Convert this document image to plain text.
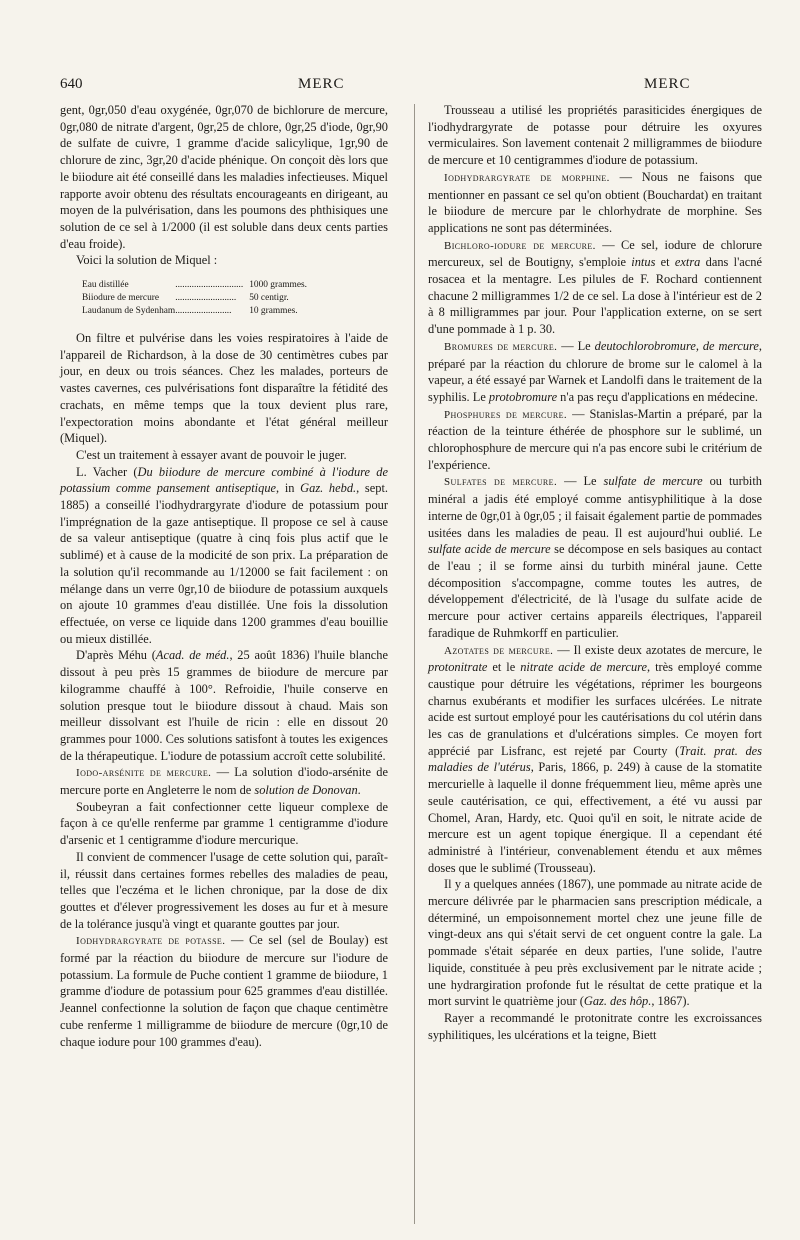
640	MERC	MERC

gent, 0gr,050 d'eau oxygénée, 0gr,070 de bichlorure de mercure, 0gr,080 de nitrate d'argent, 0gr,25 de chlore, 0gr,25 d'iode, 0gr,90 de sulfate de cuivre, 1 gramme d'acide salicylique, 1gr,90 de chlorure de zinc, 3gr,20 d'acide phénique. On conçoit dès lors que le biiodure ait été conseillé dans les maladies infectieuses. Miquel rapporte avoir obtenu des résultats encourageants en dirigeant, au moyen de la pulvérisation, dans les poumons des phthisiques une solution de ce sel à 1/2000 (il est soluble dans deux cents parties d'eau froide).

Voici la solution de Miquel :

Eau distillée	.............................	1000 grammes.
Biiodure de mercure	..........................	50 centigr.
Laudanum de Sydenham	........................	10 grammes.

On filtre et pulvérise dans les voies respiratoires à l'aide de l'appareil de Richardson, à la dose de 30 centimètres cubes par jour, en deux ou trois séances. Chez les malades, porteurs de vastes cavernes, ces pulvérisations font disparaître la fétidité des crachats, en même temps que la toux devient plus rare, l'expectoration moins abondante et l'état général meilleur (Miquel).

C'est un traitement à essayer avant de pouvoir le juger.

L. Vacher (Du biiodure de mercure combiné à l'iodure de potassium comme pansement antiseptique, in Gaz. hebd., sept. 1885) a conseillé l'iodhydrargyrate d'iodure de potassium pour l'imprégnation de la gaze antiseptique. Il propose ce sel à cause de sa valeur antiseptique (quatre à cinq fois plus actif que le sublimé) et à cause de la modicité de son prix. La préparation de la solution qu'il recommande au 1/12000 se fait facilement : on mélange dans un verre 0gr,10 de biiodure de potassium auxquels on ajoute 10 grammes d'eau distillée. Une fois la dissolution effectuée, on verse ce liquide dans 1200 grammes d'eau bouillie ou mieux distillée.

D'après Méhu (Acad. de méd., 25 août 1836) l'huile blanche dissout à peu près 15 grammes de biiodure de mercure par kilogramme chauffé à 100°. Refroidie, l'huile conserve en solution presque tout le biiodure dissout à chaud. Mais son meilleur dissolvant est l'huile de ricin : elle en dissout 20 grammes pour 1000. Ces solutions satisfont à toutes les exigences de la thérapeutique. L'iodure de potassium accroît cette solubilité.

Iodo-arsénite de mercure. — La solution d'iodo-arsénite de mercure porte en Angleterre le nom de solution de Donovan.

Soubeyran a fait confectionner cette liqueur complexe de façon à ce qu'elle renferme par gramme 1 centigramme d'iodure d'arsenic et 1 centigramme d'iodure mercurique.

Il convient de commencer l'usage de cette solution qui, paraît-il, réussit dans certaines formes rebelles des maladies de peau, telles que l'eczéma et le lichen chronique, par la dose de dix gouttes et d'élever progressivement les doses au fur et à mesure de la tolérance jusqu'à vingt et quarante gouttes par jour.

Iodhydrargyrate de potasse. — Ce sel (sel de Boulay) est formé par la réaction du biiodure de mercure sur l'iodure de potassium. La formule de Puche contient 1 gramme de biiodure, 1 gramme d'iodure de potassium pour 625 grammes d'eau distillée. Jeannel confectionne la solution de façon que chaque centimètre cube renferme 1 milligramme de biiodure de mercure (0gr,10 de chaque iodure pour 100 grammes d'eau).

Trousseau a utilisé les propriétés parasiticides énergiques de l'iodhydrargyrate de potasse pour détruire les oxyures vermiculaires. Son lavement contenait 2 milligrammes de biiodure de mercure et 10 centigrammes d'iodure de potassium.

Iodhydrargyrate de morphine. — Nous ne faisons que mentionner en passant ce sel qu'on obtient (Bouchardat) en traitant le biiodure de mercure par le chlorhydrate de morphine. Ses applications ne sont pas déterminées.

Bichloro-iodure de mercure. — Ce sel, iodure de chlorure mercureux, sel de Boutigny, s'emploie intus et extra dans l'acné rosacea et la mentagre. Les pilules de F. Rochard contiennent chacune 2 milligrammes 1/2 de ce sel. La dose à l'intérieur est de 2 à 8 milligrammes par jour. Pour l'application externe, on se sert d'une pommade à 1 p. 30.

Bromures de mercure. — Le deutochlorobromure, de mercure, préparé par la réaction du chlorure de brome sur le calomel à la vapeur, a été essayé par Warnek et Landolfi dans le traitement de la syphilis. Le protobromure n'a pas reçu d'applications en médecine.

Phosphures de mercure. — Stanislas-Martin a préparé, par la réaction de la teinture éthérée de phosphore sur le sublimé, un chlorophosphure de mercure qui n'a pas encore subi le critérium de l'expérience.

Sulfates de mercure. — Le sulfate de mercure ou turbith minéral a jadis été employé comme antisyphilitique à la dose interne de 0gr,01 à 0gr,05 ; il faisait également partie de pommades usitées dans les maladies de peau. Il est aujourd'hui oublié. Le sulfate acide de mercure se décompose en sels basiques au contact de l'eau ; il se forme ainsi du turbith minéral jaune. Cette décomposition s'accompagne, comme toutes les autres, de développement d'électricité, de là l'usage du sulfate acide de mercure pour activer certains appareils électriques, l'appareil faradique de Ruhmkorff en particulier.

Azotates de mercure. — Il existe deux azotates de mercure, le protonitrate et le nitrate acide de mercure, très employé comme caustique pour détruire les végétations, réprimer les bourgeons charnus exubérants et modifier les surfaces ulcérées. Le nitrate acide est surtout employé pour les cautérisations du col utérin dans les cas de granulations et d'ulcérations simples. Ce moyen fort apprécié par Lisfranc, est rejeté par Courty (Trait. prat. des maladies de l'utérus, Paris, 1866, p. 249) à cause de la stomatite mercurielle à laquelle il donne fréquemment lieu, même après une seule cautérisation, ce qui, effectivement, a été vu aussi par Chomel, Aran, Hardy, etc. Quoi qu'il en soit, le nitrate acide de mercure est un agent topique énergique. Il a cependant été administré à l'intérieur, convenablement étendu et aux mêmes doses que le sublimé (Trousseau).

Il y a quelques années (1867), une pommade au nitrate acide de mercure délivrée par le pharmacien sans prescription médicale, a déterminé, un empoisonnement mortel chez une jeune fille de vingt-deux ans qui s'était servi de cet onguent contre la gale. La pommade s'était séparée en deux parties, l'une solide, l'autre liquide, constituée à peu près exclusivement par le nitrate acide ; une hydrargiration profonde fut le résultat de cette pratique et la mort survint le quatrième jour (Gaz. des hôp., 1867).

Rayer a recommandé le protonitrate contre les excroissances syphilitiques, les ulcérations et la teigne, Biett
